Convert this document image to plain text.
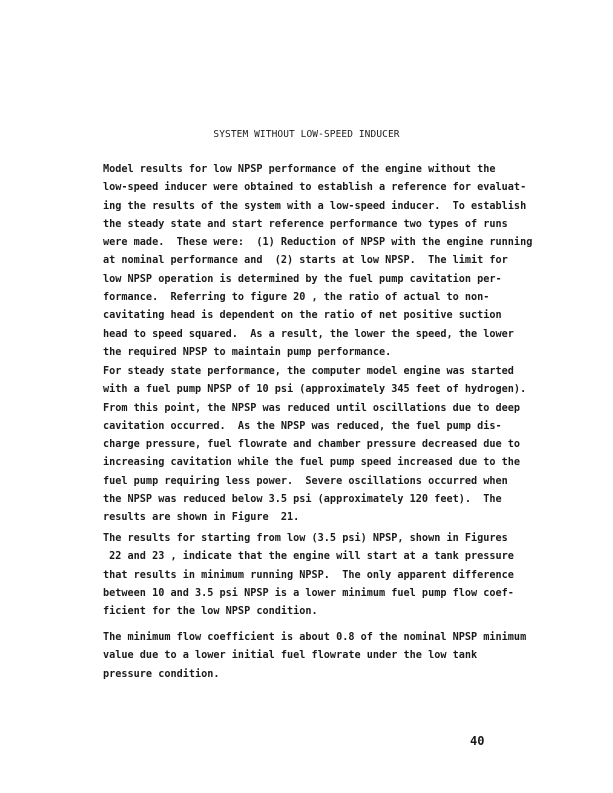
SYSTEM WITHOUT LOW-SPEED INDUCER
Model results for low NPSP performance of the engine without the
low-speed inducer were obtained to establish a reference for evaluat-
ing the results of the system with a low-speed inducer.  To establish
the steady state and start reference performance two types of runs
were made.  These were:  (1) Reduction of NPSP with the engine running
at nominal performance and  (2) starts at low NPSP.  The limit for
low NPSP operation is determined by the fuel pump cavitation per-
formance.  Referring to figure 20 , the ratio of actual to non-
cavitating head is dependent on the ratio of net positive suction
head to speed squared.  As a result, the lower the speed, the lower
the required NPSP to maintain pump performance.
For steady state performance, the computer model engine was started
with a fuel pump NPSP of 10 psi (approximately 345 feet of hydrogen).
From this point, the NPSP was reduced until oscillations due to deep
cavitation occurred.  As the NPSP was reduced, the fuel pump dis-
charge pressure, fuel flowrate and chamber pressure decreased due to
increasing cavitation while the fuel pump speed increased due to the
fuel pump requiring less power.  Severe oscillations occurred when
the NPSP was reduced below 3.5 psi (approximately 120 feet).  The
results are shown in Figure  21.
The results for starting from low (3.5 psi) NPSP, shown in Figures
22 and 23 , indicate that the engine will start at a tank pressure
that results in minimum running NPSP.  The only apparent difference
between 10 and 3.5 psi NPSP is a lower minimum fuel pump flow coef-
ficient for the low NPSP condition.
The minimum flow coefficient is about 0.8 of the nominal NPSP minimum
value due to a lower initial fuel flowrate under the low tank
pressure condition.
40
